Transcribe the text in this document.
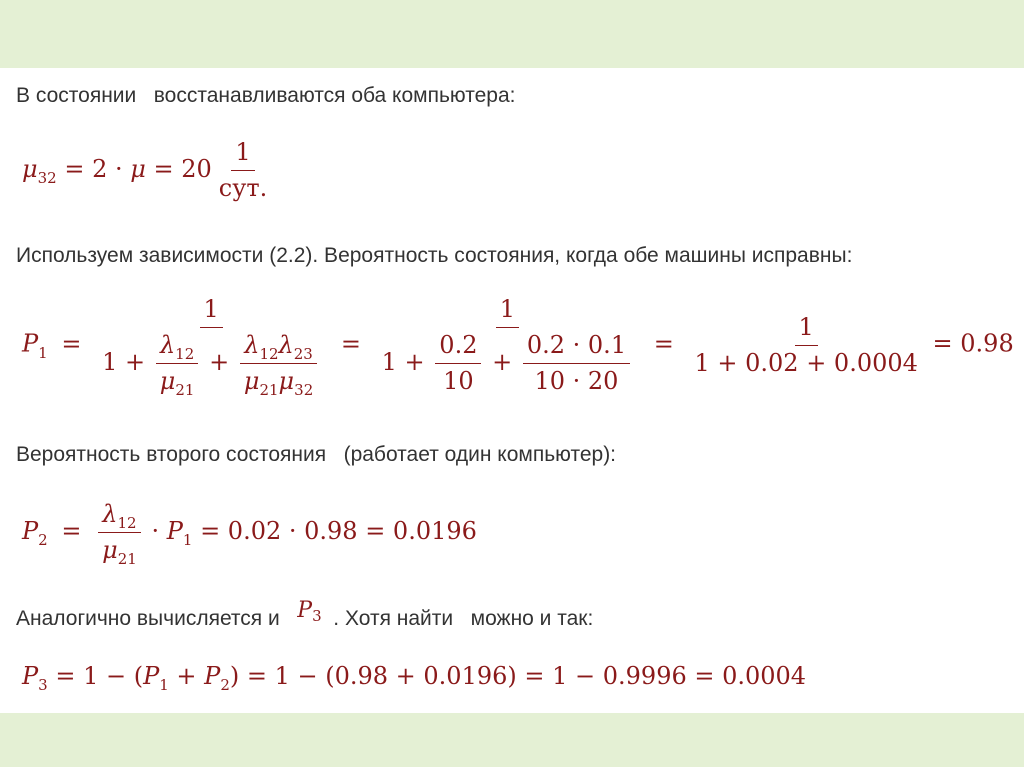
В состоянии   восстанавливаются оба компьютера:
$\mu_{32} = 2 \cdot \mu = 20 \frac{1}{\text{сут.}}$
Используем зависимости (2.2). Вероятность состояния, когда обе машины исправны:
$P_1 = \frac{1}{1 + \frac{\lambda_{12}}{\mu_{21}} + \frac{\lambda_{12}\lambda_{23}}{\mu_{21}\mu_{32}}} = \frac{1}{1 + \frac{0.2}{10} + \frac{0.2 \cdot 0.1}{10 \cdot 20}} = \frac{1}{1 + 0.02 + 0.0004} = 0.98$
Вероятность второго состояния   (работает один компьютер):
$P_2 = \frac{\lambda_{12}}{\mu_{21}} \cdot P_1 = 0.02 \cdot 0.98 = 0.0196$
Аналогично вычисляется и P3 . Хотя найти   можно и так:
$P_3 = 1 - (P_1 + P_2) = 1 - (0.98 + 0.0196) = 1 - 0.9996 = 0.0004$
